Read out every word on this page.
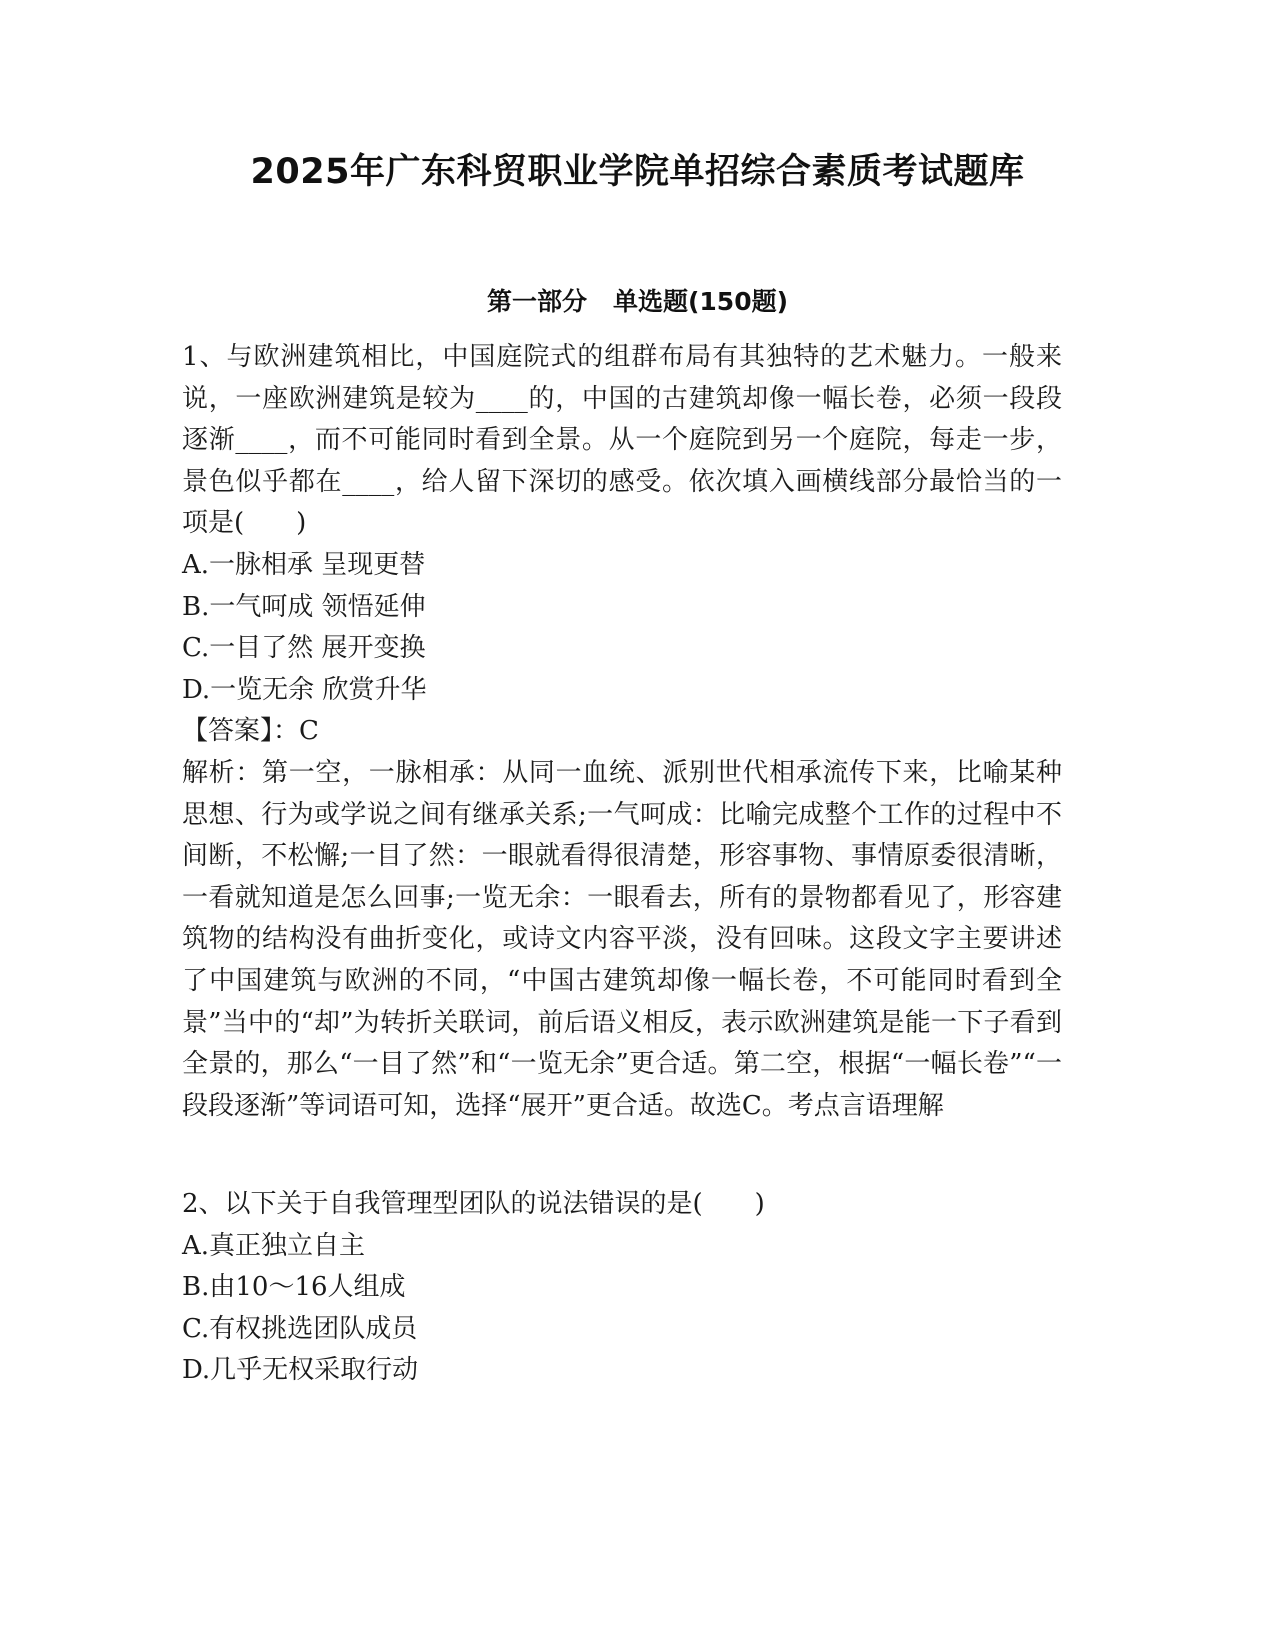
2025年广东科贸职业学院单招综合素质考试题库
第一部分 单选题(150题)

1、与欧洲建筑相比，中国庭院式的组群布局有其独特的艺术魅力。一般来说，一座欧洲建筑是较为____的，中国的古建筑却像一幅长卷，必须一段段逐渐____，而不可能同时看到全景。从一个庭院到另一个庭院，每走一步，景色似乎都在____，给人留下深切的感受。依次填入画横线部分最恰当的一项是(　　)

A.一脉相承 呈现更替

B.一气呵成 领悟延伸

C.一目了然 展开变换

D.一览无余 欣赏升华

【答案】：C

解析：第一空，一脉相承：从同一血统、派别世代相承流传下来，比喻某种思想、行为或学说之间有继承关系;一气呵成：比喻完成整个工作的过程中不间断，不松懈;一目了然：一眼就看得很清楚，形容事物、事情原委很清晰，一看就知道是怎么回事;一览无余：一眼看去，所有的景物都看见了，形容建筑物的结构没有曲折变化，或诗文内容平淡，没有回味。这段文字主要讲述了中国建筑与欧洲的不同，“中国古建筑却像一幅长卷，不可能同时看到全景”当中的“却”为转折关联词，前后语义相反，表示欧洲建筑是能一下子看到全景的，那么“一目了然”和“一览无余”更合适。第二空，根据“一幅长卷”“一段段逐渐”等词语可知，选择“展开”更合适。故选C。考点言语理解

2、以下关于自我管理型团队的说法错误的是(　　)

A.真正独立自主

B.由10～16人组成

C.有权挑选团队成员

D.几乎无权采取行动
